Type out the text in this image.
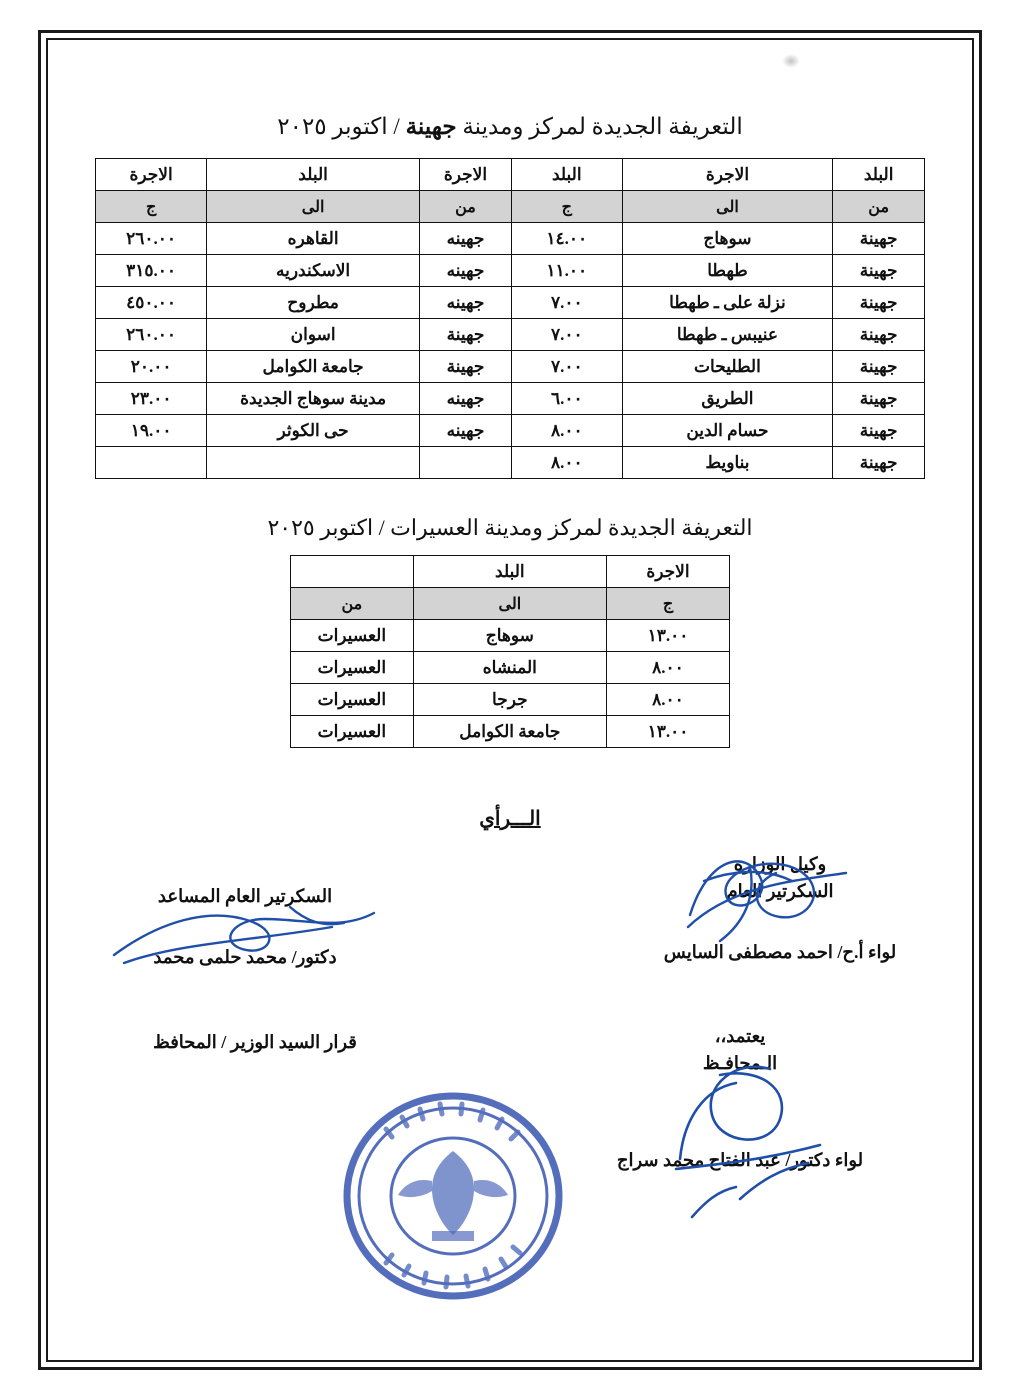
التعريفة الجديدة لمركز ومدينة جهينة / اكتوبر ٢٠٢٥
البلد	الاجرة	البلد	الاجرة	البلد	الاجرة
من	الى	ج	من	الى	ج
جهينة	سوهاج	١٤.٠٠	جهينه	القاهره	٢٦٠.٠٠
جهينة	طهطا	١١.٠٠	جهينه	الاسكندريه	٣١٥.٠٠
جهينة	نزلة على ـ طهطا	٧.٠٠	جهينه	مطروح	٤٥٠.٠٠
جهينة	عنيبس ـ طهطا	٧.٠٠	جهينة	اسوان	٢٦٠.٠٠
جهينة	الطليحات	٧.٠٠	جهينة	جامعة الكوامل	٢٠.٠٠
جهينة	الطريق	٦.٠٠	جهينه	مدينة سوهاج الجديدة	٢٣.٠٠
جهينة	حسام الدين	٨.٠٠	جهينه	حى الكوثر	١٩.٠٠
جهينة	بناويط	٨.٠٠			
التعريفة الجديدة لمركز ومدينة العسيرات / اكتوبر ٢٠٢٥
الاجرة	البلد	
ج	الى	من
١٣.٠٠	سوهاج	العسيرات
٨.٠٠	المنشاه	العسيرات
٨.٠٠	جرجا	العسيرات
١٣.٠٠	جامعة الكوامل	العسيرات
الـــرأي
وكيل الوزارة
السكرتير العام
لواء أ.ح/ احمد مصطفى السايس
السكرتير العام المساعد
دكتور/ محمد حلمى محمد
قرار السيد الوزير / المحافظ	يعتمد،،
الـمحافـظ
لواء دكتور/ عبد الفتاح محمد سراج
